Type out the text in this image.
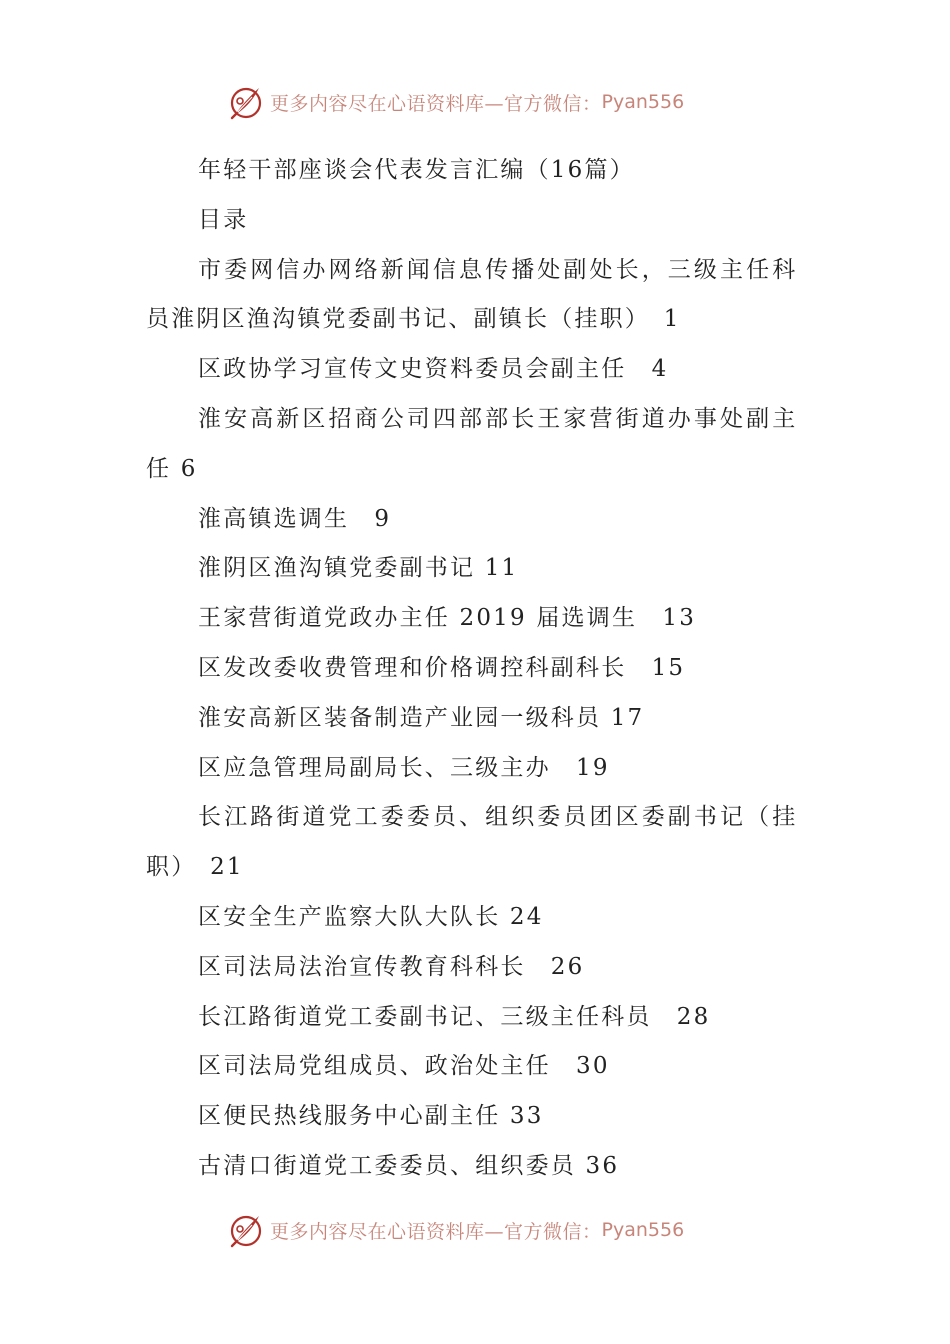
更多内容尽在心语资料库—官方微信： Pyan556
年轻干部座谈会代表发言汇编（16篇）
目录
市委网信办网络新闻信息传播处副处长，三级主任科
员淮阴区渔沟镇党委副书记、副镇长（挂职）　1
区政协学习宣传文史资料委员会副主任　4
淮安高新区招商公司四部部长王家营街道办事处副主
任 6
淮高镇选调生　9
淮阴区渔沟镇党委副书记 11
王家营街道党政办主任 2019 届选调生　13
区发改委收费管理和价格调控科副科长　15
淮安高新区装备制造产业园一级科员 17
区应急管理局副局长、三级主办　19
长江路街道党工委委员、组织委员团区委副书记（挂
职）　21
区安全生产监察大队大队长 24
区司法局法治宣传教育科科长　26
长江路街道党工委副书记、三级主任科员　28
区司法局党组成员、政治处主任　30
区便民热线服务中心副主任 33
古清口街道党工委委员、组织委员 36
更多内容尽在心语资料库—官方微信： Pyan556
